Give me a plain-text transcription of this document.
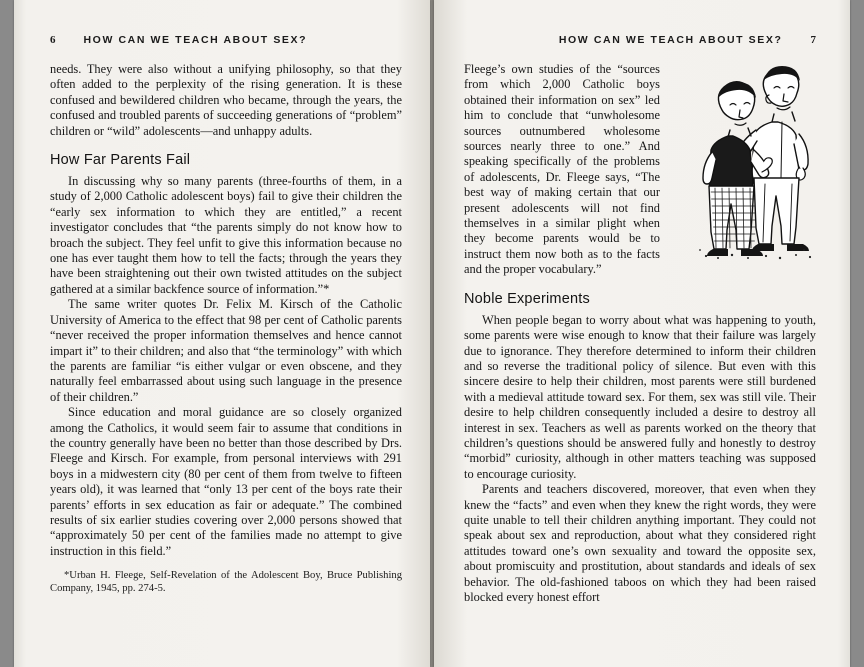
6	HOW CAN WE TEACH ABOUT SEX?

needs. They were also without a unifying philosophy, so that they often added to the perplexity of the rising generation. It is these confused and bewildered children who became, through the years, the confused and troubled parents of succeeding generations of “problem” children or “wild” adolescents—and unhappy adults.

How Far Parents Fail

In discussing why so many parents (three-fourths of them, in a study of 2,000 Catholic adolescent boys) fail to give their children the “early sex information to which they are entitled,” a recent investigator concludes that “the parents simply do not know how to broach the subject. They feel unfit to give this information because no one has ever taught them how to tell the facts; through the years they have been straightening out their own twisted attitudes on the subject gathered at a similar backfence source of information.”*

The same writer quotes Dr. Felix M. Kirsch of the Catholic University of America to the effect that 98 per cent of Catholic parents “never received the proper information themselves and hence cannot impart it” to their children; and also that “the terminology” with which the parents are familiar “is either vulgar or even obscene, and they naturally feel embarrassed about using such language in the presence of their children.”

Since education and moral guidance are so closely organized among the Catholics, it would seem fair to assume that conditions in the country generally have been no better than those described by Drs. Fleege and Kirsch. For example, from personal interviews with 291 boys in a midwestern city (80 per cent of them from twelve to fifteen years old), it was learned that “only 13 per cent of the boys rate their parents’ efforts in sex education as fair or adequate.” The combined results of six earlier studies covering over 2,000 persons showed that “approximately 50 per cent of the families made no attempt to give instruction in this field.”

*Urban H. Fleege, Self-Revelation of the Adolescent Boy, Bruce Publishing Company, 1945, pp. 274-5.
HOW CAN WE TEACH ABOUT SEX?	7

Fleege’s own studies of the “sources from which 2,000 Catholic boys obtained their information on sex” led him to conclude that “unwholesome sources outnumbered wholesome sources nearly three to one.” And speaking specifically of the problems of adolescents, Dr. Fleege says, “The best way of making certain that our present adolescents will not find themselves in a similar plight when they become parents would be to instruct them now both as to the facts and the proper vocabulary.”

Noble Experiments

When people began to worry about what was happening to youth, some parents were wise enough to know that their failure was largely due to ignorance. They therefore determined to inform their children and so reverse the traditional policy of silence. But even with this sincere desire to help their children, most parents were still burdened with a medieval attitude toward sex. For them, sex was still vile. Their desire to help children consequently included a desire to destroy all interest in sex. Teachers as well as parents worked on the theory that children’s questions should be answered fully and honestly to destroy “morbid” curiosity, although in other matters teaching was supposed to encourage curiosity.

Parents and teachers discovered, moreover, that even when they knew the “facts” and even when they knew the right words, they were quite unable to tell their children anything important. They could not speak about sex and reproduction, about what they considered right attitudes toward one’s own sexuality and toward the opposite sex, about promiscuity and prostitution, about standards and ideals of sex behavior. The old-fashioned taboos on which they had been raised blocked every honest effort
